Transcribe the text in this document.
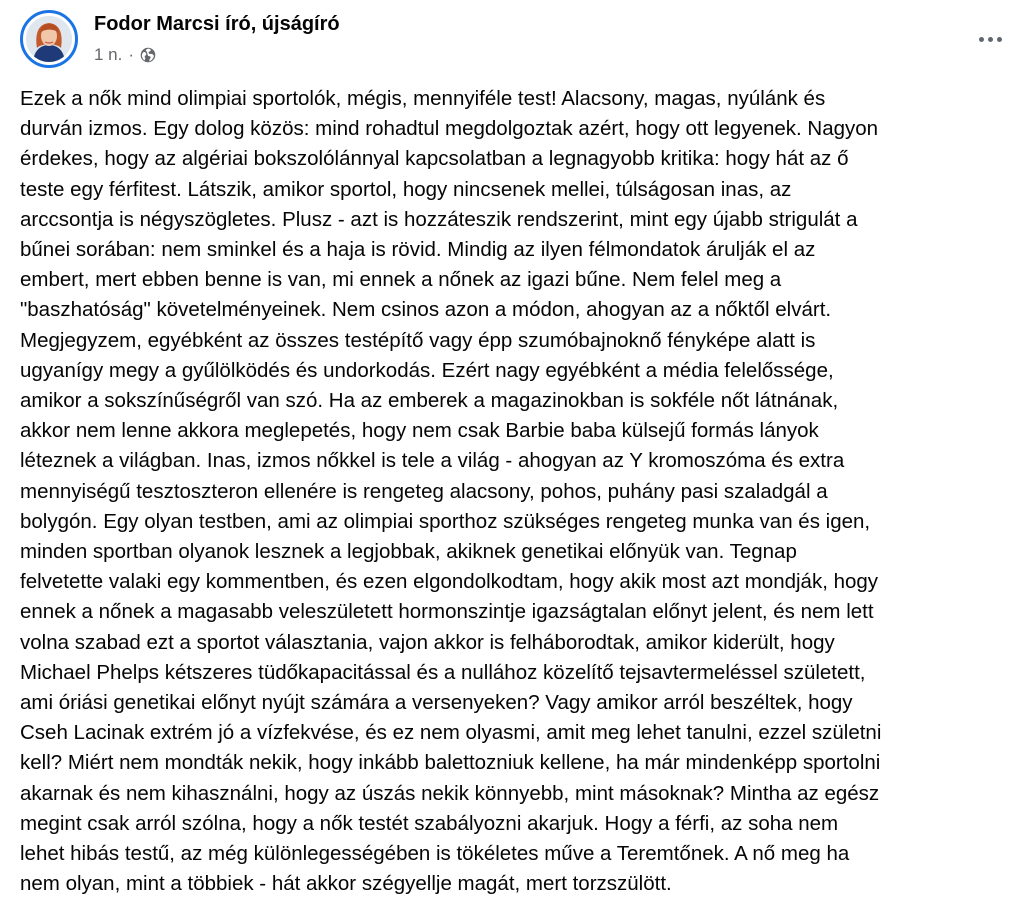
Fodor Marcsi író, újságíró
1 n. ·
Ezek a nők mind olimpiai sportolók, mégis, mennyiféle test! Alacsony, magas, nyúlánk és
durván izmos. Egy dolog közös: mind rohadtul megdolgoztak azért, hogy ott legyenek. Nagyon
érdekes, hogy az algériai bokszolólánnyal kapcsolatban a legnagyobb kritika: hogy hát az ő
teste egy férfitest. Látszik, amikor sportol, hogy nincsenek mellei, túlságosan inas, az
arccsontja is négyszögletes. Plusz - azt is hozzáteszik rendszerint, mint egy újabb strigulát a
bűnei sorában: nem sminkel és a haja is rövid. Mindig az ilyen félmondatok árulják el az
embert, mert ebben benne is van, mi ennek a nőnek az igazi bűne. Nem felel meg a
"baszhatóság" követelményeinek. Nem csinos azon a módon, ahogyan az a nőktől elvárt.
Megjegyzem, egyébként az összes testépítő vagy épp szumóbajnoknő fényképe alatt is
ugyanígy megy a gyűlölködés és undorkodás. Ezért nagy egyébként a média felelőssége,
amikor a sokszínűségről van szó. Ha az emberek a magazinokban is sokféle nőt látnának,
akkor nem lenne akkora meglepetés, hogy nem csak Barbie baba külsejű formás lányok
léteznek a világban. Inas, izmos nőkkel is tele a világ - ahogyan az Y kromoszóma és extra
mennyiségű tesztoszteron ellenére is rengeteg alacsony, pohos, puhány pasi szaladgál a
bolygón. Egy olyan testben, ami az olimpiai sporthoz szükséges rengeteg munka van és igen,
minden sportban olyanok lesznek a legjobbak, akiknek genetikai előnyük van. Tegnap
felvetette valaki egy kommentben, és ezen elgondolkodtam, hogy akik most azt mondják, hogy
ennek a nőnek a magasabb veleszületett hormonszintje igazságtalan előnyt jelent, és nem lett
volna szabad ezt a sportot választania, vajon akkor is felháborodtak, amikor kiderült, hogy
Michael Phelps kétszeres tüdőkapacitással és a nullához közelítő tejsavtermeléssel született,
ami óriási genetikai előnyt nyújt számára a versenyeken? Vagy amikor arról beszéltek, hogy
Cseh Lacinak extrém jó a vízfekvése, és ez nem olyasmi, amit meg lehet tanulni, ezzel születni
kell? Miért nem mondták nekik, hogy inkább balettozniuk kellene, ha már mindenképp sportolni
akarnak és nem kihasználni, hogy az úszás nekik könnyebb, mint másoknak? Mintha az egész
megint csak arról szólna, hogy a nők testét szabályozni akarjuk. Hogy a férfi, az soha nem
lehet hibás testű, az még különlegességében is tökéletes műve a Teremtőnek. A nő meg ha
nem olyan, mint a többiek - hát akkor szégyellje magát, mert torzszülött.
